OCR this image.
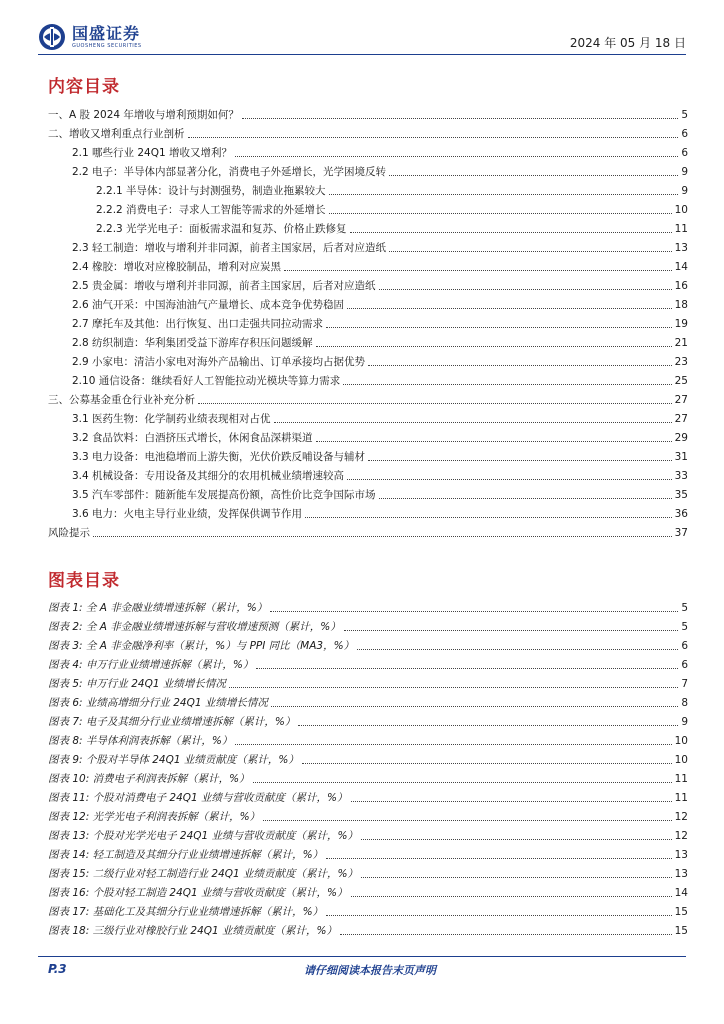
国盛证券
GUOSHENG SECURITIES	2024 年 05 月 18 日
内容目录
一、A 股 2024 年增收与增利预期如何？	5
二、增收又增利重点行业剖析	6
2.1 哪些行业 24Q1 增收又增利？	6
2.2 电子：半导体内部显著分化，消费电子外延增长，光学困境反转	9
2.2.1 半导体：设计与封测强势，制造业拖累较大	9
2.2.2 消费电子：寻求人工智能等需求的外延增长	10
2.2.3 光学光电子：面板需求温和复苏、价格止跌修复	11
2.3 轻工制造：增收与增利并非同源，前者主国家居，后者对应造纸	13
2.4 橡胶：增收对应橡胶制品，增利对应炭黑	14
2.5 贵金属：增收与增利并非同源，前者主国家居，后者对应造纸	16
2.6 油气开采：中国海油油气产量增长、成本竞争优势稳固	18
2.7 摩托车及其他：出行恢复、出口走强共同拉动需求	19
2.8 纺织制造：华利集团受益下游库存积压问题缓解	21
2.9 小家电：清洁小家电对海外产品输出、订单承接均占据优势	23
2.10 通信设备：继续看好人工智能拉动光模块等算力需求	25
三、公募基金重仓行业补充分析	27
3.1 医药生物：化学制药业绩表现相对占优	27
3.2 食品饮料：白酒挤压式增长，休闲食品深耕渠道	29
3.3 电力设备：电池稳增而上游失衡，光伏价跌反哺设备与辅材	31
3.4 机械设备：专用设备及其细分的农用机械业绩增速较高	33
3.5 汽车零部件：随新能车发展提高份额，高性价比竞争国际市场	35
3.6 电力：火电主导行业业绩，发挥保供调节作用	36
风险提示	37
图表目录
图表 1: 全 A 非金融业绩增速拆解（累计，%）	5
图表 2: 全 A 非金融业绩增速拆解与营收增速预测（累计，%）	5
图表 3: 全 A 非金融净利率（累计，%）与 PPI 同比（MA3，%）	6
图表 4: 申万行业业绩增速拆解（累计，%）	6
图表 5: 申万行业 24Q1 业绩增长情况	7
图表 6: 业绩高增细分行业 24Q1 业绩增长情况	8
图表 7: 电子及其细分行业业绩增速拆解（累计，%）	9
图表 8: 半导体利润表拆解（累计，%）	10
图表 9: 个股对半导体 24Q1 业绩贡献度（累计，%）	10
图表 10: 消费电子利润表拆解（累计，%）	11
图表 11: 个股对消费电子 24Q1 业绩与营收贡献度（累计，%）	11
图表 12: 光学光电子利润表拆解（累计，%）	12
图表 13: 个股对光学光电子 24Q1 业绩与营收贡献度（累计，%）	12
图表 14: 轻工制造及其细分行业业绩增速拆解（累计，%）	13
图表 15: 二级行业对轻工制造行业 24Q1 业绩贡献度（累计，%）	13
图表 16: 个股对轻工制造 24Q1 业绩与营收贡献度（累计，%）	14
图表 17: 基础化工及其细分行业业绩增速拆解（累计，%）	15
图表 18: 三级行业对橡胶行业 24Q1 业绩贡献度（累计，%）	15
P.3	请仔细阅读本报告末页声明
